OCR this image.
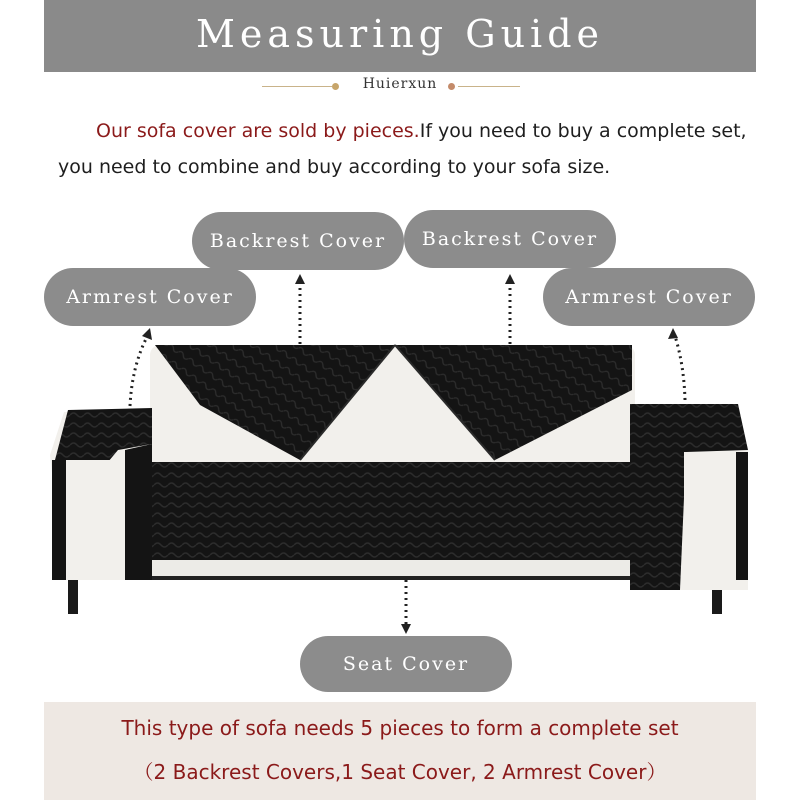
Measuring Guide
Huierxun

Our sofa cover are sold by pieces.If you need to buy a complete set, you need to combine and buy according to your sofa size.

Backrest Cover	Backrest Cover
Armrest Cover	Armrest Cover
Seat Cover
This type of sofa needs 5 pieces to form a complete set
（2 Backrest Covers,1 Seat Cover, 2 Armrest Cover）
